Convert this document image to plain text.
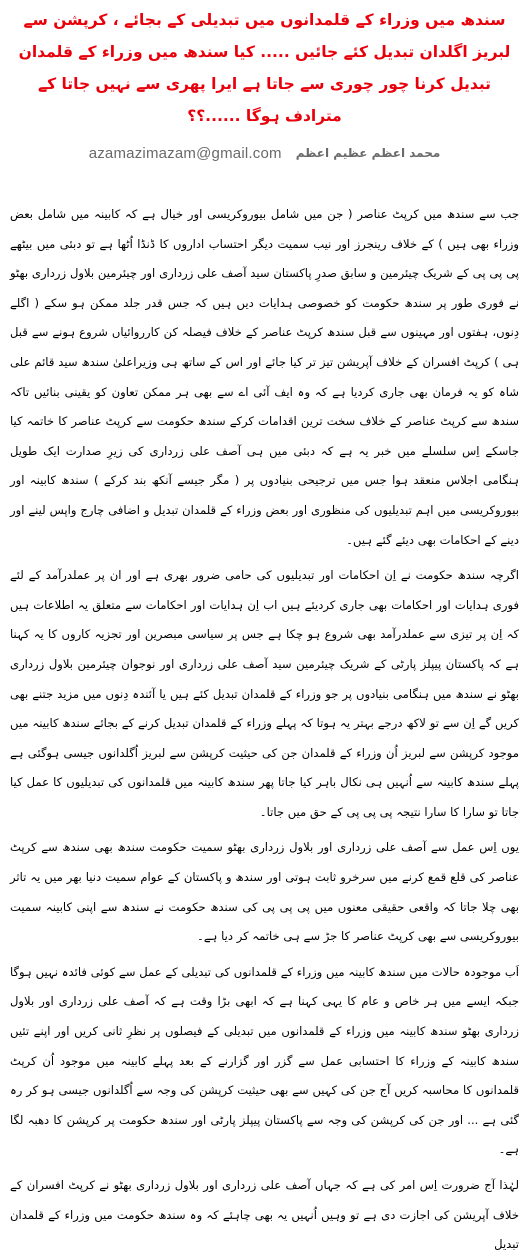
سندھ میں وزراء کے قلمدانوں میں تبدیلی کے بجائے ، کرپشن سے لبریز اگلدان تبدیل کئے جائیں ..... کیا سندھ میں وزراء کے قلمدان تبدیل کرنا چور چوری سے جاتا ہے ایرا پھری سے نہیں جاتا کے مترادف ہوگا ......؟؟
azamazimazam@gmail.com محمد اعظم عظیم اعظم

جب سے سندھ میں کرپٹ عناصر ( جن میں شامل بیوروکریسی اور خیال ہے کہ کابینہ میں شامل بعض وزراء بھی ہیں ) کے خلاف رینجرز اور نیب سمیت دیگر احتساب اداروں کا ڈنڈا اُٹھا ہے تو دبئی میں بیٹھے پی پی پی کے شریک چیئرمین و سابق صدرِ پاکستان سید آصف علی زرداری اور چیئرمین بلاول زرداری بھٹو نے فوری طور پر سندھ حکومت کو خصوصی ہدایات دیں ہیں کہ جس قدر جلد ممکن ہو سکے ( اگلے دِنوں، ہفتوں اور مہینوں سے قبل سندھ کرپٹ عناصر کے خلاف فیصلہ کن کارروائیاں شروع ہونے سے قبل ہی ) کرپٹ افسران کے خلاف آپریشن تیز تر کیا جائے اور اس کے ساتھ ہی وزیراعلیٰ سندھ سید قائم علی شاہ کو یہ فرمان بھی جاری کردیا ہے کہ وہ ایف آئی اے سے بھی ہر ممکن تعاون کو یقینی بنائیں تاکہ سندھ سے کرپٹ عناصر کے خلاف سخت ترین اقدامات کرکے سندھ حکومت سے کرپٹ عناصر کا خاتمہ کیا جاسکے اِس سلسلے میں خبر یہ ہے کہ دبئی میں ہی آصف علی زرداری کی زیرِ صدارت ایک طویل ہنگامی اجلاس منعقد ہوا جس میں ترجیحی بنیادوں پر ( مگر جیسے آنکھ بند کرکے ) سندھ کابینہ اور بیوروکریسی میں اہم تبدیلیوں کی منظوری اور بعض وزراء کے قلمدان تبدیل و اضافی چارج واپس لینے اور دینے کے احکامات بھی دیئے گئے ہیں۔

اگرچہ سندھ حکومت نے اِن احکامات اور تبدیلیوں کی حامی ضرور بھری ہے اور ان پر عملدرآمد کے لئے فوری ہدایات اور احکامات بھی جاری کردیئے ہیں اب اِن ہدایات اور احکامات سے متعلق یہ اطلاعات ہیں کہ اِن پر تیزی سے عملدرآمد بھی شروع ہو چکا ہے جس پر سیاسی مبصرین اور تجزیہ کاروں کا یہ کہنا ہے کہ پاکستان پیپلز پارٹی کے شریک چیئرمین سید آصف علی زرداری اور نوجوان چیئرمین بلاول زرداری بھٹو نے سندھ میں ہنگامی بنیادوں پر جو وزراء کے قلمدان تبدیل کئے ہیں یا آئندہ دِنوں میں مزید جتنے بھی کریں گے اِن سے تو لاکھ درجے بہتر یہ ہوتا کہ پہلے وزراء کے قلمدان تبدیل کرنے کے بجائے سندھ کابینہ میں موجود کرپشن سے لبریز اُن وزراء کے قلمدان جن کی حیثیت کرپشن سے لبریز اُگلدانوں جیسی ہوگئی ہے پہلے سندھ کابینہ سے اُنہیں ہی نکال باہر کیا جاتا پھر سندھ کابینہ میں قلمدانوں کی تبدیلیوں کا عمل کیا جاتا تو سارا کا سارا نتیجہ پی پی پی کے حق میں جاتا۔

یوں اِس عمل سے آصف علی زرداری اور بلاول زرداری بھٹو سمیت حکومت سندھ بھی سندھ سے کرپٹ عناصر کی قلع قمع کرنے میں سرخرو ثابت ہوتی اور سندھ و پاکستان کے عوام سمیت دنیا بھر میں یہ تاثر بھی چلا جاتا کہ واقعی حقیقی معنوں میں پی پی پی کی سندھ حکومت نے سندھ سے اپنی کابینہ سمیت بیوروکریسی سے بھی کرپٹ عناصر کا جڑ سے ہی خاتمہ کر دیا ہے۔

اَب موجودہ حالات میں سندھ کابینہ میں وزراء کے قلمدانوں کی تبدیلی کے عمل سے کوئی فائدہ نہیں ہوگا جبکہ ایسے میں ہر خاص و عام کا یہی کہنا ہے کہ ابھی بڑا وقت ہے کہ آصف علی زرداری اور بلاول زرداری بھٹو سندھ کابینہ میں وزراء کے قلمدانوں میں تبدیلی کے فیصلوں پر نظرِ ثانی کریں اور اپنے تئیں سندھ کابینہ کے وزراء کا احتسابی عمل سے گزر اور گزارنے کے بعد پہلے کابینہ میں موجود اُن کرپٹ قلمدانوں کا محاسبہ کریں آج جن کی کہیں سے بھی حیثیت کرپشن کی وجہ سے اُگلدانوں جیسی ہو کر رہ گئی ہے ... اور جن کی کرپشن کی وجہ سے پاکستان پیپلز پارٹی اور سندھ حکومت پر کرپشن کا دھبہ لگا ہے۔

لہٰذا آج ضرورت اِس امر کی ہے کہ جہاں آصف علی زرداری اور بلاول زرداری بھٹو نے کرپٹ افسران کے خلاف آپریشن کی اجازت دی ہے تو وہیں اُنہیں یہ بھی چاہئے کہ وہ سندھ حکومت میں وزراء کے قلمدان تبدیل
